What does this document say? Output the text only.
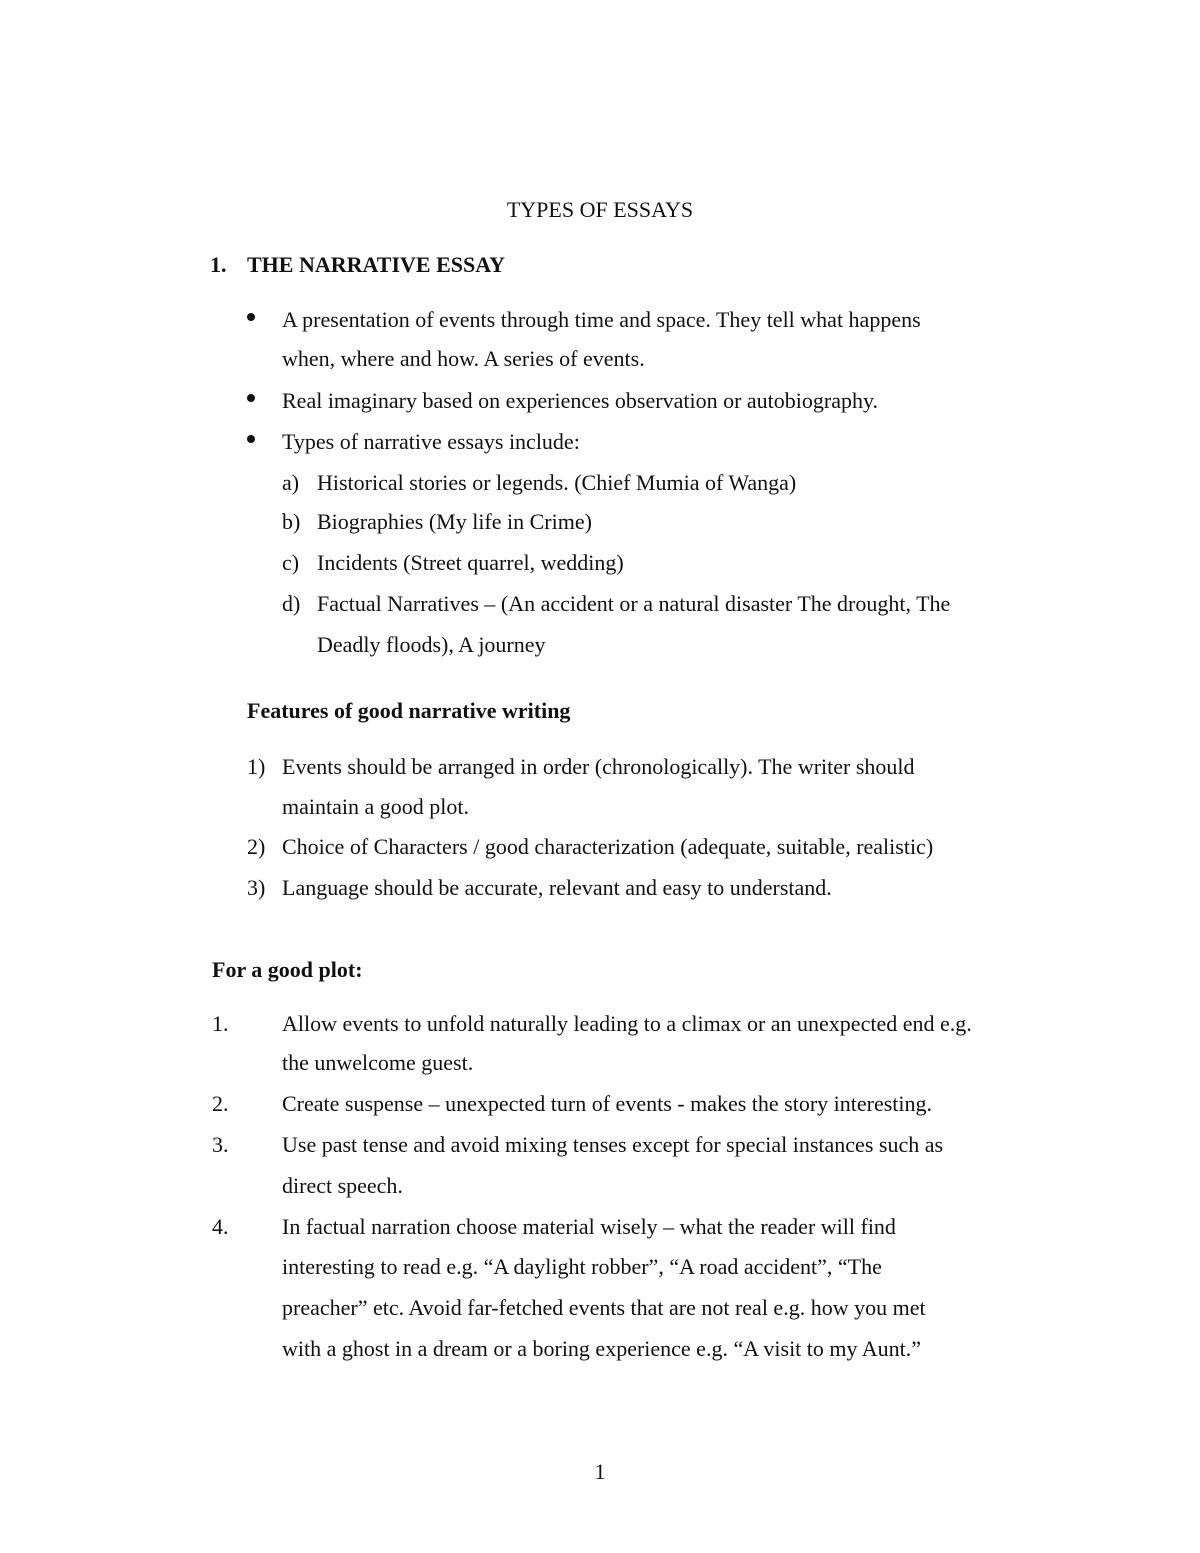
TYPES OF ESSAYS
1. THE NARRATIVE ESSAY
A presentation of events through time and space. They tell what happens
when, where and how. A series of events.
Real imaginary based on experiences observation or autobiography.
Types of narrative essays include:
a) Historical stories or legends. (Chief Mumia of Wanga)
b) Biographies (My life in Crime)
c) Incidents (Street quarrel, wedding)
d) Factual Narratives – (An accident or a natural disaster The drought, The
Deadly floods), A journey
Features of good narrative writing
1) Events should be arranged in order (chronologically). The writer should
maintain a good plot.
2) Choice of Characters / good characterization (adequate, suitable, realistic)
3) Language should be accurate, relevant and easy to understand.
For a good plot:
1. Allow events to unfold naturally leading to a climax or an unexpected end e.g.
the unwelcome guest.
2. Create suspense – unexpected turn of events - makes the story interesting.
3. Use past tense and avoid mixing tenses except for special instances such as
direct speech.
4. In factual narration choose material wisely – what the reader will find
interesting to read e.g. “A daylight robber”, “A road accident”, “The
preacher” etc. Avoid far-fetched events that are not real e.g. how you met
with a ghost in a dream or a boring experience e.g. “A visit to my Aunt.”
1
